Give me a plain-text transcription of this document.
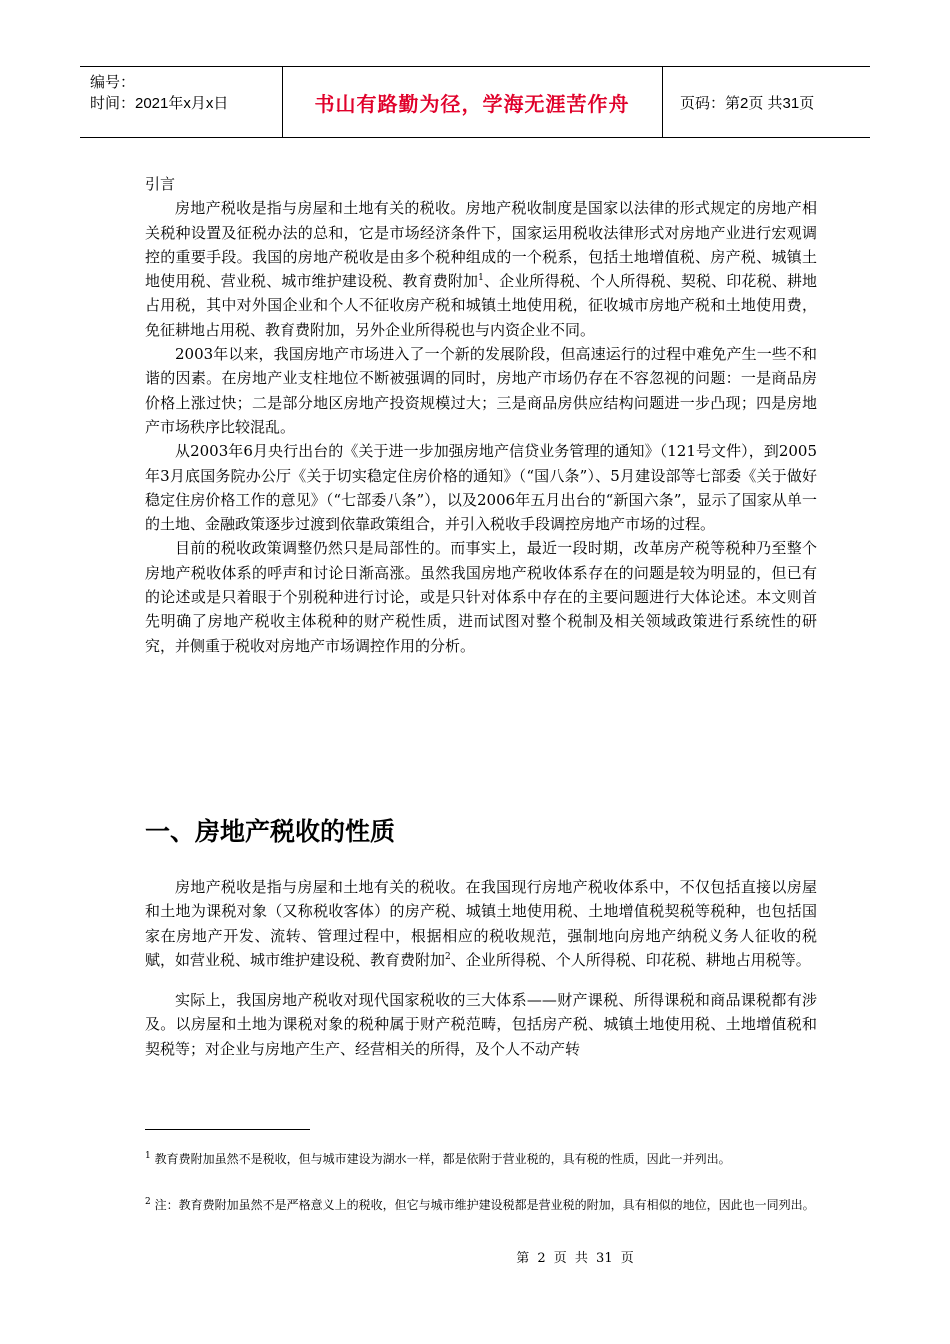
编号：
时间：2021年x月x日	书山有路勤为径，学海无涯苦作舟	页码：第2页 共31页

引言

房地产税收是指与房屋和土地有关的税收。房地产税收制度是国家以法律的形式规定的房地产相关税种设置及征税办法的总和，它是市场经济条件下，国家运用税收法律形式对房地产业进行宏观调控的重要手段。我国的房地产税收是由多个税种组成的一个税系，包括土地增值税、房产税、城镇土地使用税、营业税、城市维护建设税、教育费附加$^1$、企业所得税、个人所得税、契税、印花税、耕地占用税，其中对外国企业和个人不征收房产税和城镇土地使用税，征收城市房地产税和土地使用费，免征耕地占用税、教育费附加，另外企业所得税也与内资企业不同。

2003年以来，我国房地产市场进入了一个新的发展阶段，但高速运行的过程中难免产生一些不和谐的因素。在房地产业支柱地位不断被强调的同时，房地产市场仍存在不容忽视的问题：一是商品房价格上涨过快；二是部分地区房地产投资规模过大；三是商品房供应结构问题进一步凸现；四是房地产市场秩序比较混乱。

从2003年6月央行出台的《关于进一步加强房地产信贷业务管理的通知》（121号文件），到2005年3月底国务院办公厅《关于切实稳定住房价格的通知》（“国八条”）、5月建设部等七部委《关于做好稳定住房价格工作的意见》（“七部委八条”），以及2006年五月出台的“新国六条”，显示了国家从单一的土地、金融政策逐步过渡到依靠政策组合，并引入税收手段调控房地产市场的过程。

目前的税收政策调整仍然只是局部性的。而事实上，最近一段时期，改革房产税等税种乃至整个房地产税收体系的呼声和讨论日渐高涨。虽然我国房地产税收体系存在的问题是较为明显的，但已有的论述或是只着眼于个别税种进行讨论，或是只针对体系中存在的主要问题进行大体论述。本文则首先明确了房地产税收主体税种的财产税性质，进而试图对整个税制及相关领域政策进行系统性的研究，并侧重于税收对房地产市场调控作用的分析。

一、房地产税收的性质

房地产税收是指与房屋和土地有关的税收。在我国现行房地产税收体系中，不仅包括直接以房屋和土地为课税对象（又称税收客体）的房产税、城镇土地使用税、土地增值税契税等税种，也包括国家在房地产开发、流转、管理过程中，根据相应的税收规范，强制地向房地产纳税义务人征收的税赋，如营业税、城市维护建设税、教育费附加$^2$、企业所得税、个人所得税、印花税、耕地占用税等。

实际上，我国房地产税收对现代国家税收的三大体系——财产课税、所得课税和商品课税都有涉及。以房屋和土地为课税对象的税种属于财产税范畴，包括房产税、城镇土地使用税、土地增值税和契税等；对企业与房地产生产、经营相关的所得，及个人不动产转

$^1$ 教育费附加虽然不是税收，但与城市建设为湖水一样，都是依附于营业税的，具有税的性质，因此一并列出。
$^2$ 注：教育费附加虽然不是严格意义上的税收，但它与城市维护建设税都是营业税的附加，具有相似的地位，因此也一同列出。
第 2 页 共 31 页
